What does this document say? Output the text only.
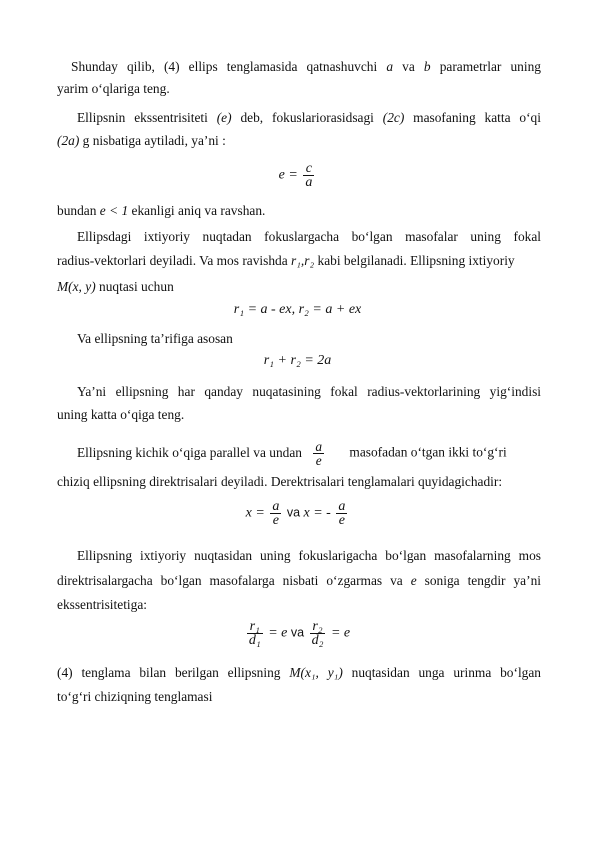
Shunday qilib, (4) ellips tenglamasida qatnashuvchi a va b parametrlar uning
yarim o‘qlariga teng.
Ellipsnin ekssentrisiteti (e) deb, fokuslariorasidsagi (2c) masofaning katta o‘qi
(2a) g nisbatiga aytiladi, ya’ni :
$e = \frac{c}{a}$
bundan e < 1 ekanligi aniq va ravshan.
Ellipsdagi ixtiyoriy nuqtadan fokuslargacha bo‘lgan masofalar uning fokal
radius-vektorlari deyiladi. Va mos ravishda r₁,r₂ kabi belgilanadi. Ellipsning ixtiyoriy
M(x, y) nuqtasi uchun
r₁ = a - ex, r₂ = a + ex
Va ellipsning ta’rifiga asosan
r₁ + r₂ = 2a
Ya’ni ellipsning har qanday nuqatasining fokal radius-vektorlarining yig‘indisi
uning katta o‘qiga teng.
Ellipsning kichik o‘qiga parallel va undan $\frac{a}{e}$ masofadan o‘tgan ikki to‘g‘ri
chiziq ellipsning direktrisalari deyiladi. Derektrisalari tenglamalari quyidagichadir:
$x = \frac{a}{e}$ va x = - $\frac{a}{e}$
Ellipsning ixtiyoriy nuqtasidan uning fokuslarigacha bo‘lgan masofalarning mos
direktrisalargacha bo‘lgan masofalarga nisbati o‘zgarmas va e soniga tengdir ya’ni
ekssentrisitetiga:
$\frac{\text{r₁}}{\text{d₁}} = e$ va $\frac{\text{r₂}}{\text{d₂}} = e$
(4) tenglama bilan berilgan ellipsning M(x₁, y₁) nuqtasidan unga urinma bo‘lgan
to‘g‘ri chiziqning tenglamasi
